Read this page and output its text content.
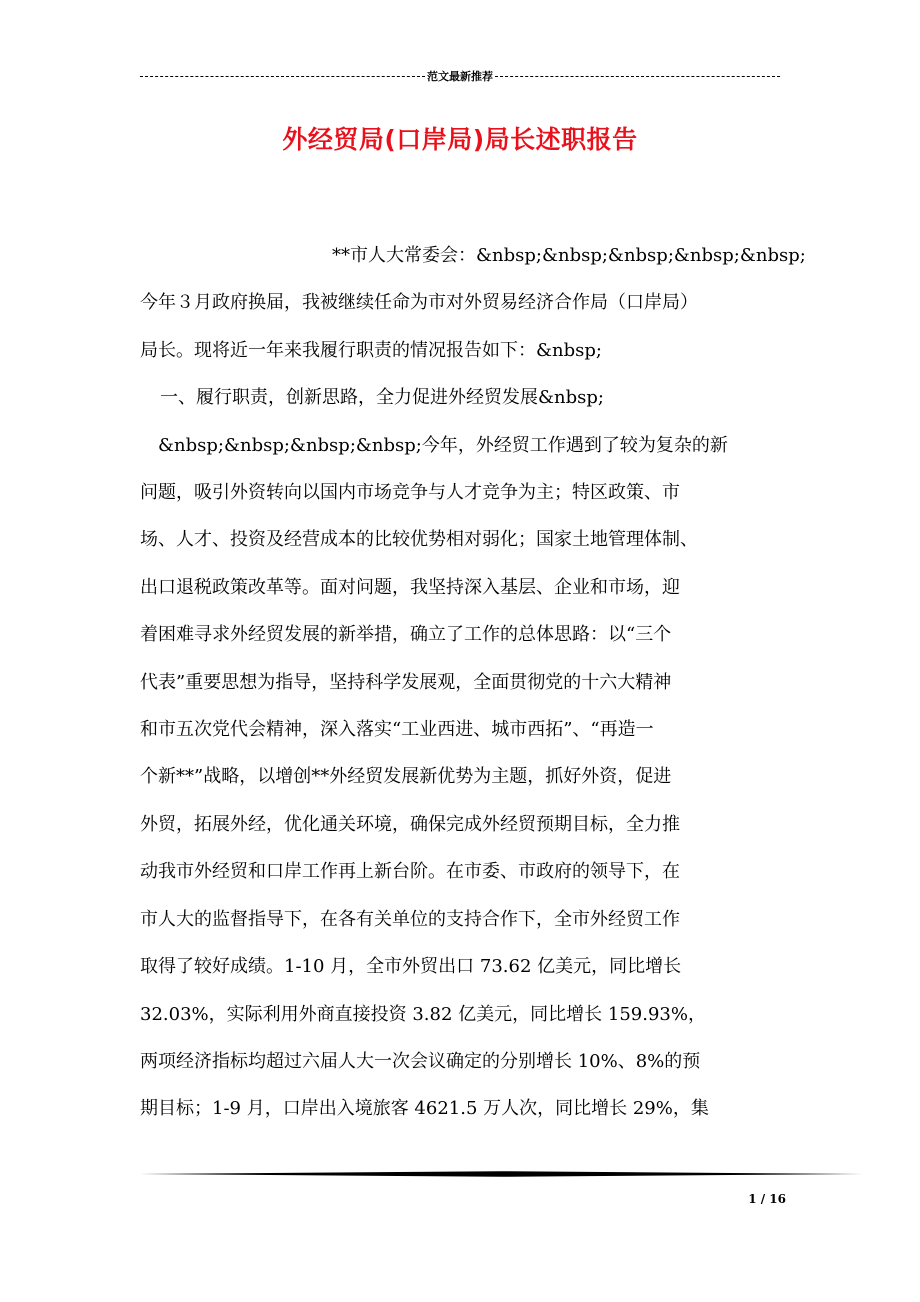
范文最新推荐
外经贸局(口岸局)局长述职报告

**市人大常委会：&nbsp;&nbsp;&nbsp;&nbsp;&nbsp;

今年３月政府换届，我被继续任命为市对外贸易经济合作局（口岸局）

局长。现将近一年来我履行职责的情况报告如下：&nbsp;

一、履行职责，创新思路，全力促进外经贸发展&nbsp;

&nbsp;&nbsp;&nbsp;&nbsp;今年，外经贸工作遇到了较为复杂的新

问题，吸引外资转向以国内市场竞争与人才竞争为主；特区政策、市

场、人才、投资及经营成本的比较优势相对弱化；国家土地管理体制、

出口退税政策改革等。面对问题，我坚持深入基层、企业和市场，迎

着困难寻求外经贸发展的新举措，确立了工作的总体思路：以“三个

代表”重要思想为指导，坚持科学发展观，全面贯彻党的十六大精神

和市五次党代会精神，深入落实“工业西进、城市西拓”、“再造一

个新**”战略，以增创**外经贸发展新优势为主题，抓好外资，促进

外贸，拓展外经，优化通关环境，确保完成外经贸预期目标，全力推

动我市外经贸和口岸工作再上新台阶。在市委、市政府的领导下，在

市人大的监督指导下，在各有关单位的支持合作下，全市外经贸工作

取得了较好成绩。1-10 月，全市外贸出口 73.62 亿美元，同比增长

32.03%，实际利用外商直接投资 3.82 亿美元，同比增长 159.93%，

两项经济指标均超过六届人大一次会议确定的分别增长 10%、8%的预

期目标；1-9 月，口岸出入境旅客 4621.5 万人次，同比增长 29%，集

1 / 16
